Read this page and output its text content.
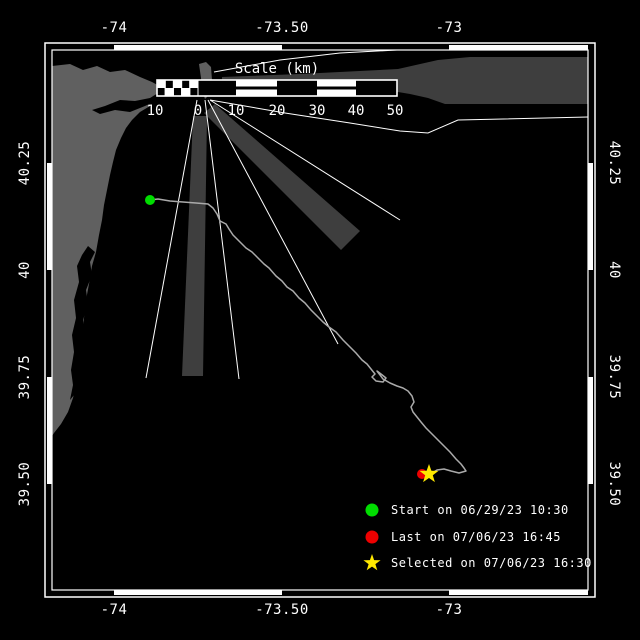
Scale (km)
10 0 10 20 30 40 50
-74
-74
-73.50
-73.50
-73
-73
40.25	40.25
40	40
39.75	39.75
39.50	39.50
Start on 06/29/23 10:30
Last on 07/06/23 16:45
Selected on 07/06/23 16:30
